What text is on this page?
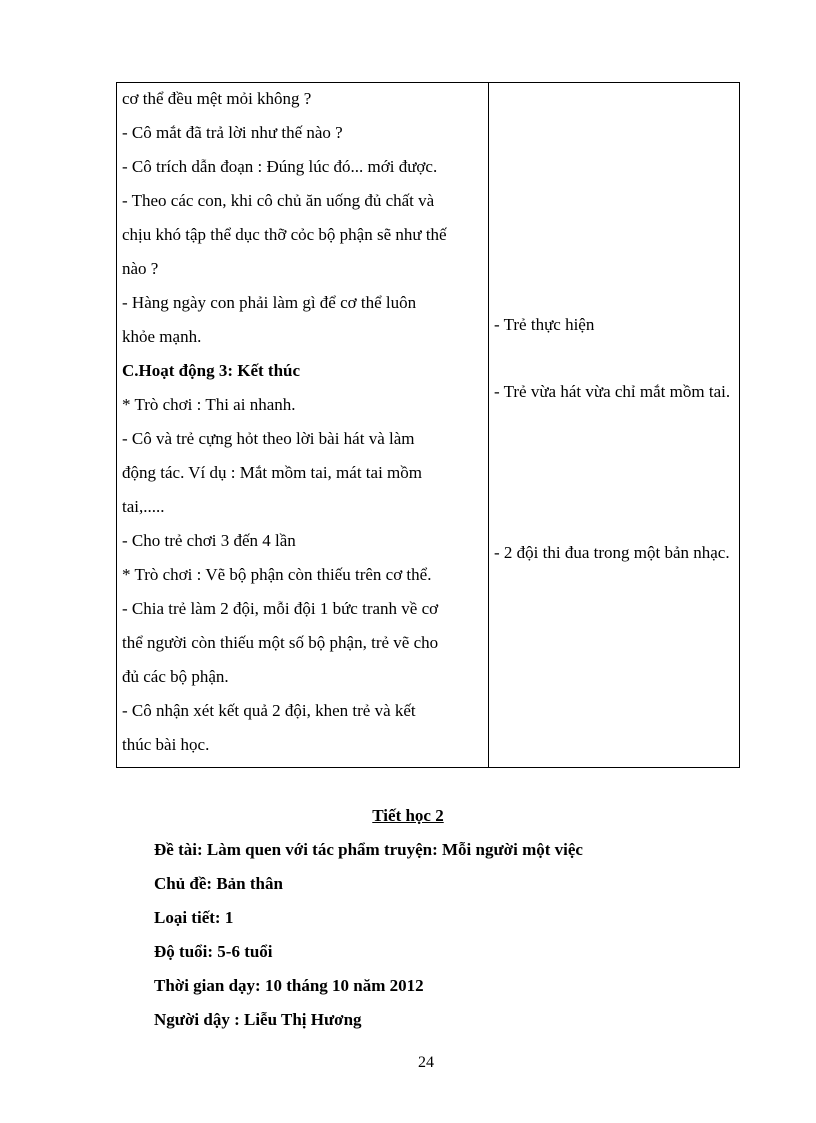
cơ thể đều mệt mỏi không ?
- Cô mắt đã trả lời như thế nào ?
- Cô trích dẫn đoạn : Đúng lúc đó... mới được.
- Theo các con, khi cô chủ ăn uống đủ chất và
chịu khó tập thể dục thỡ cỏc bộ phận sẽ như thế
nào ?
- Hàng ngày con phải làm gì để cơ thể luôn
khỏe mạnh.
C.Hoạt động 3: Kết thúc
* Trò chơi : Thi ai nhanh.
- Cô và trẻ cựng hỏt theo lời bài hát và làm
động tác. Ví dụ : Mắt mồm tai, mát tai mồm
tai,.....
- Cho trẻ chơi 3 đến 4 lần
* Trò chơi : Vẽ bộ phận còn thiếu trên cơ thể.
- Chia trẻ làm 2 đội, mỗi đội 1 bức tranh về cơ
thể người còn thiếu một số bộ phận, trẻ vẽ cho
đủ các bộ phận.
- Cô nhận xét kết quả 2 đội, khen trẻ và kết
thúc bài học.
- Trẻ thực hiện
- Trẻ vừa hát vừa chỉ mắt mồm tai.
- 2 đội thi đua trong một bản nhạc.
Tiết học 2
Đề tài: Làm quen với tác phẩm truyện: Mỗi người một việc
Chủ đề: Bản thân
Loại tiết: 1
Độ tuổi: 5-6 tuổi
Thời gian dạy: 10 tháng 10 năm 2012
Người dậy : Liễu Thị Hương
24
